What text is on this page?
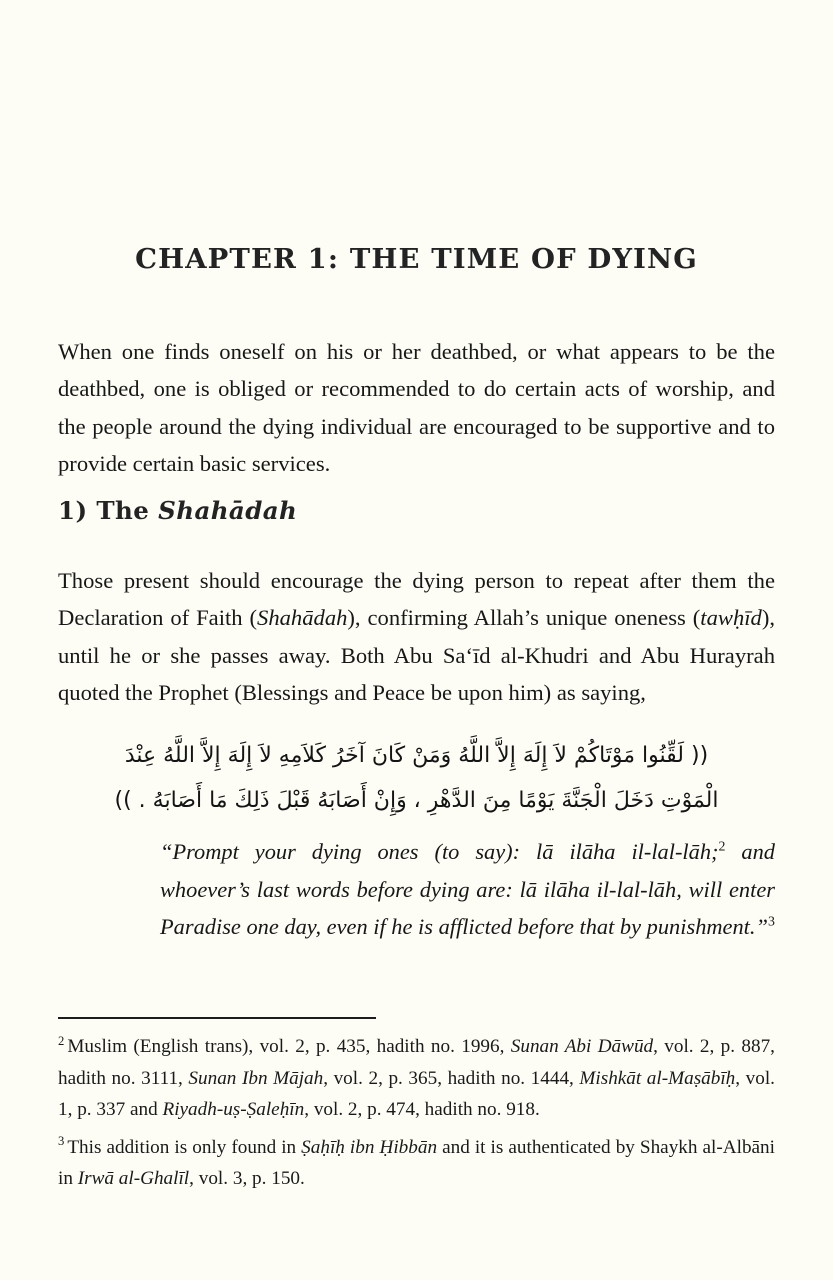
CHAPTER 1: THE TIME OF DYING

When one finds oneself on his or her deathbed, or what appears to be the deathbed, one is obliged or recommended to do certain acts of worship, and the people around the dying individual are encouraged to be supportive and to provide certain basic services.

1) The Shahādah

Those present should encourage the dying person to repeat after them the Declaration of Faith (Shahādah), confirming Allah’s unique oneness (tawḥīd), until he or she passes away. Both Abu Sa‘īd al-Khudri and Abu Hurayrah quoted the Prophet (Blessings and Peace be upon him) as saying,

(( لَقِّنُوا مَوْتَاكُمْ لاَ إِلَهَ إِلاَّ اللَّهُ وَمَنْ كَانَ آخَرُ كَلاَمِهِ لاَ إِلَهَ إِلاَّ اللَّهُ عِنْدَ
الْمَوْتِ دَخَلَ الْجَنَّةَ يَوْمًا مِنَ الدَّهْرِ ، وَإِنْ أَصَابَهُ قَبْلَ ذَلِكَ مَا أَصَابَهُ . ))

“Prompt your dying ones (to say): lā ilāha il-lal-lāh;$^2$ and whoever’s last words before dying are: lā ilāha il-lal-lāh, will enter Paradise one day, even if he is afflicted before that by punishment.”$^3$

$^2$ Muslim (English trans), vol. 2, p. 435, hadith no. 1996, Sunan Abi Dāwūd, vol. 2, p. 887, hadith no. 3111, Sunan Ibn Mājah, vol. 2, p. 365, hadith no. 1444, Mishkāt al-Maṣābīḥ, vol. 1, p. 337 and Riyadh-uṣ-Ṣaleḥīn, vol. 2, p. 474, hadith no. 918.

$^3$ This addition is only found in Ṣaḥīḥ ibn Ḥibbān and it is authenticated by Shaykh al-Albāni in Irwā al-Ghalīl, vol. 3, p. 150.
